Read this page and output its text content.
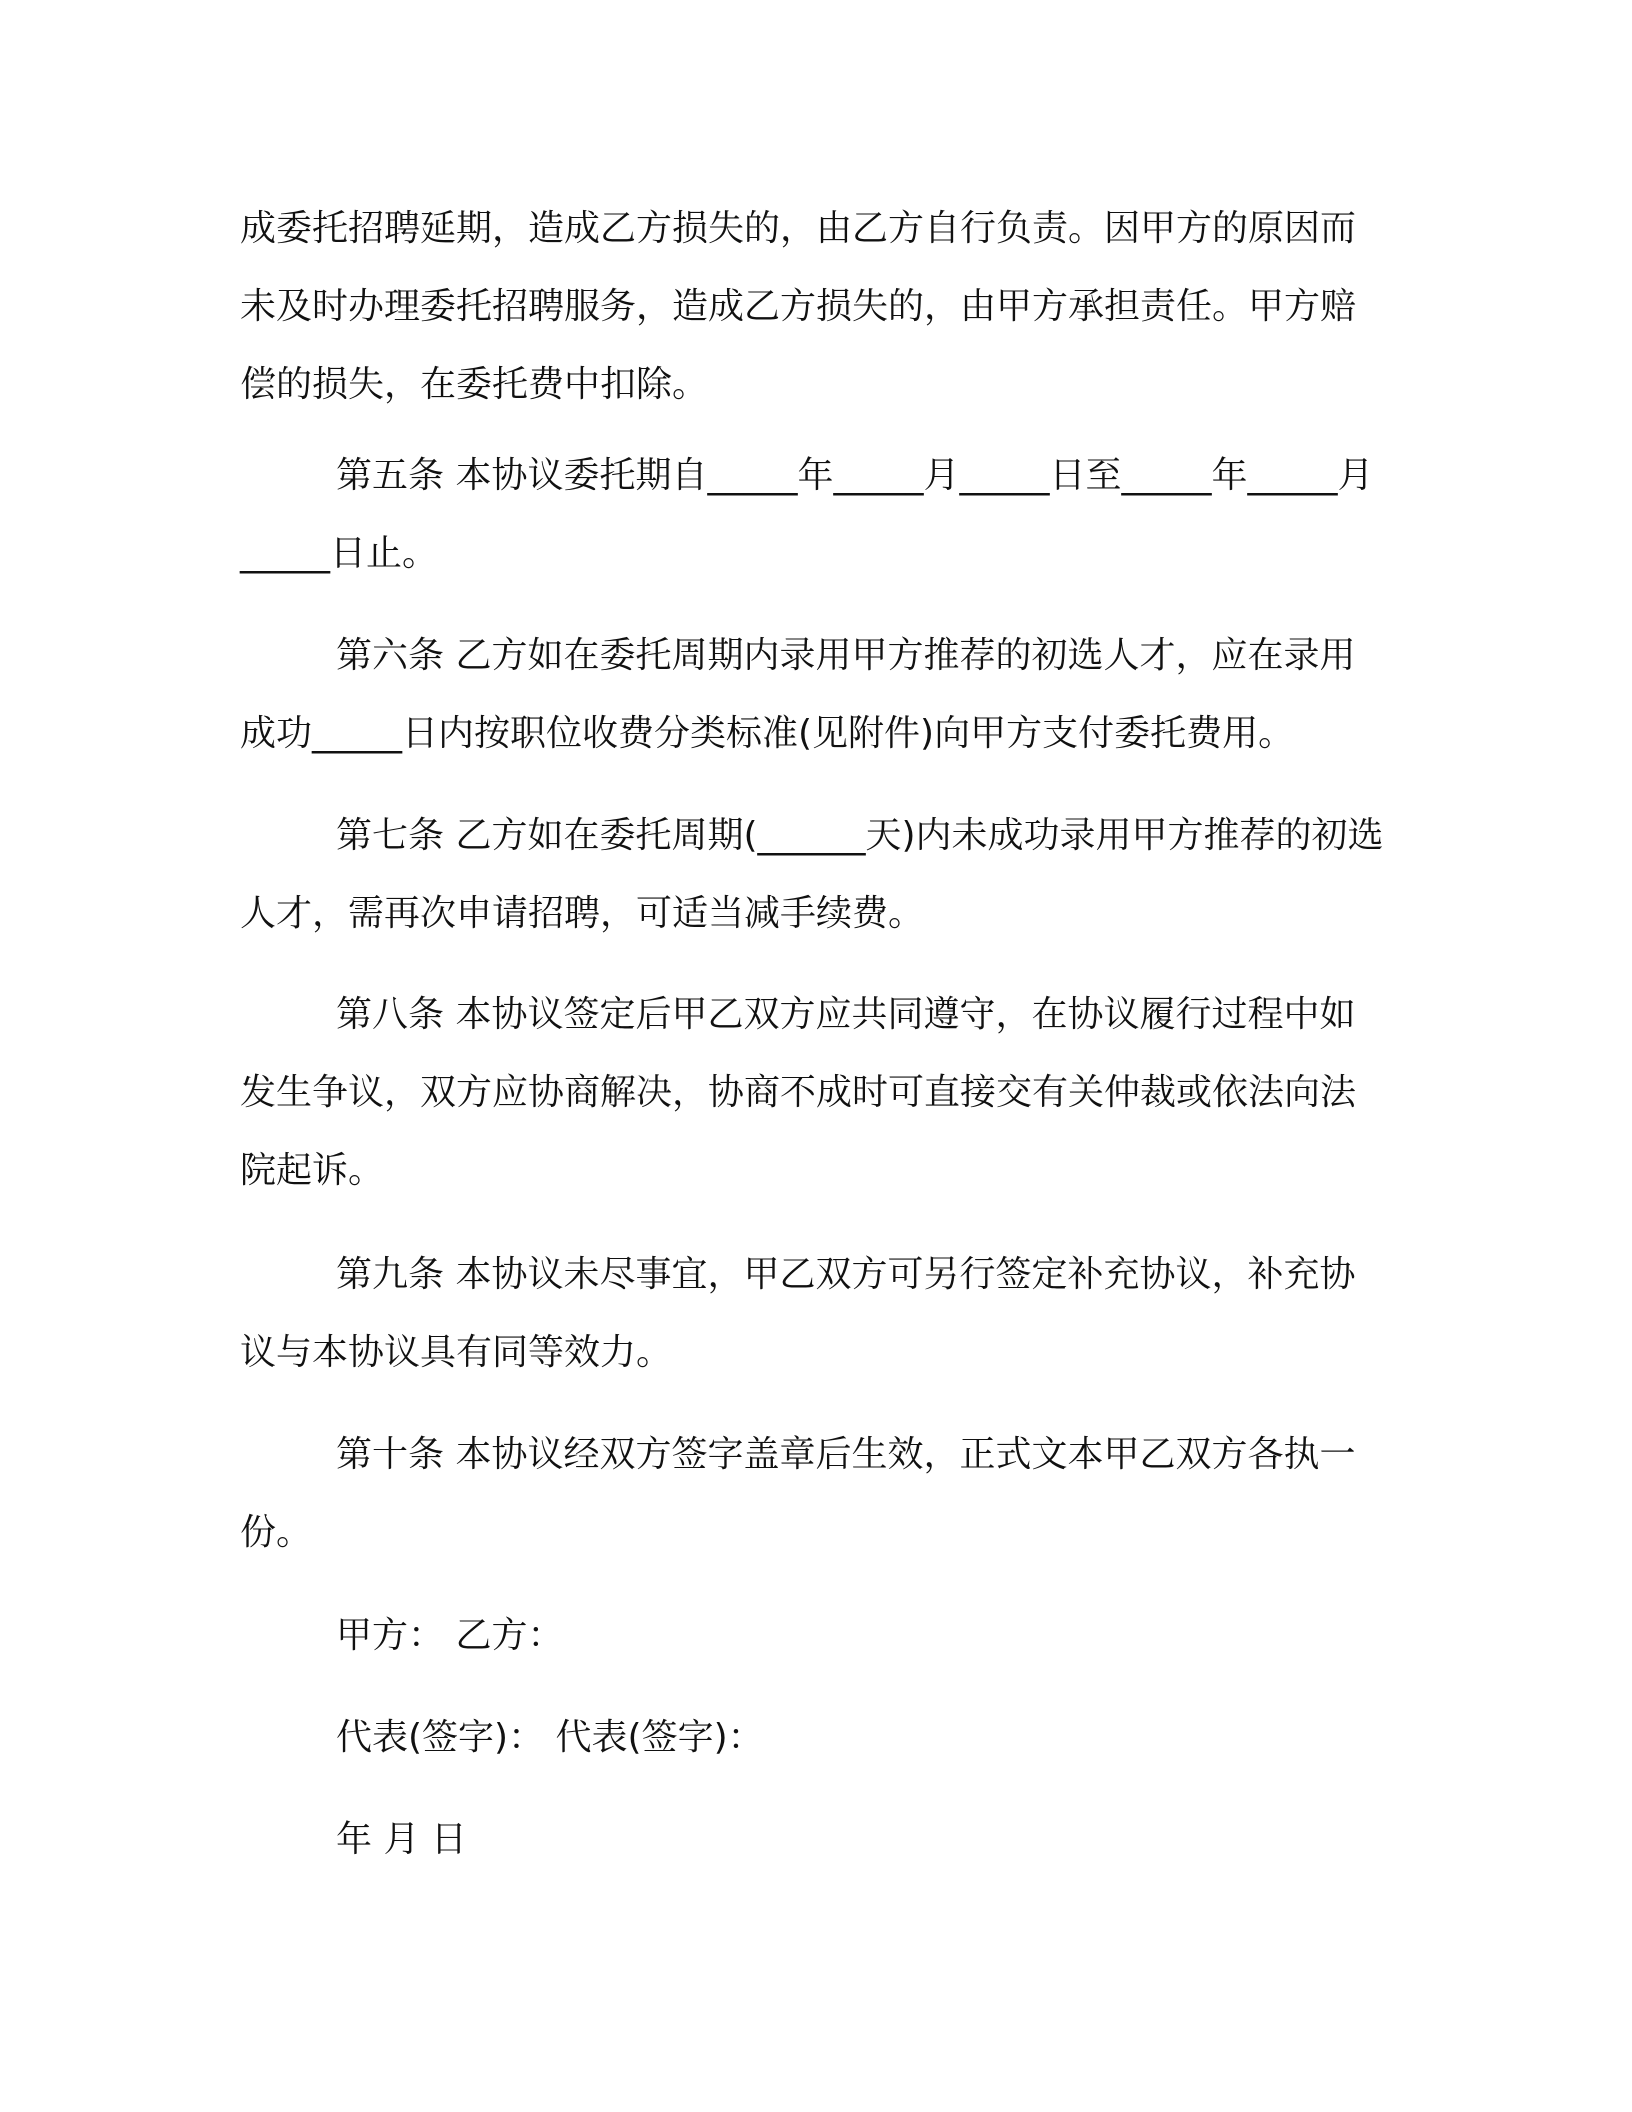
成委托招聘延期，造成乙方损失的，由乙方自行负责。因甲方的原因而未及时办理委托招聘服务，造成乙方损失的，由甲方承担责任。甲方赔偿的损失，在委托费中扣除。

第五条 本协议委托期自_____年_____月_____日至_____年_____月_____日止。

第六条 乙方如在委托周期内录用甲方推荐的初选人才，应在录用成功_____日内按职位收费分类标准(见附件)向甲方支付委托费用。

第七条 乙方如在委托周期(______天)内未成功录用甲方推荐的初选人才，需再次申请招聘，可适当减手续费。

第八条 本协议签定后甲乙双方应共同遵守，在协议履行过程中如发生争议，双方应协商解决，协商不成时可直接交有关仲裁或依法向法院起诉。

第九条 本协议未尽事宜，甲乙双方可另行签定补充协议，补充协议与本协议具有同等效力。

第十条 本协议经双方签字盖章后生效，正式文本甲乙双方各执一份。

甲方： 乙方：
代表(签字)： 代表(签字)：
年 月 日
